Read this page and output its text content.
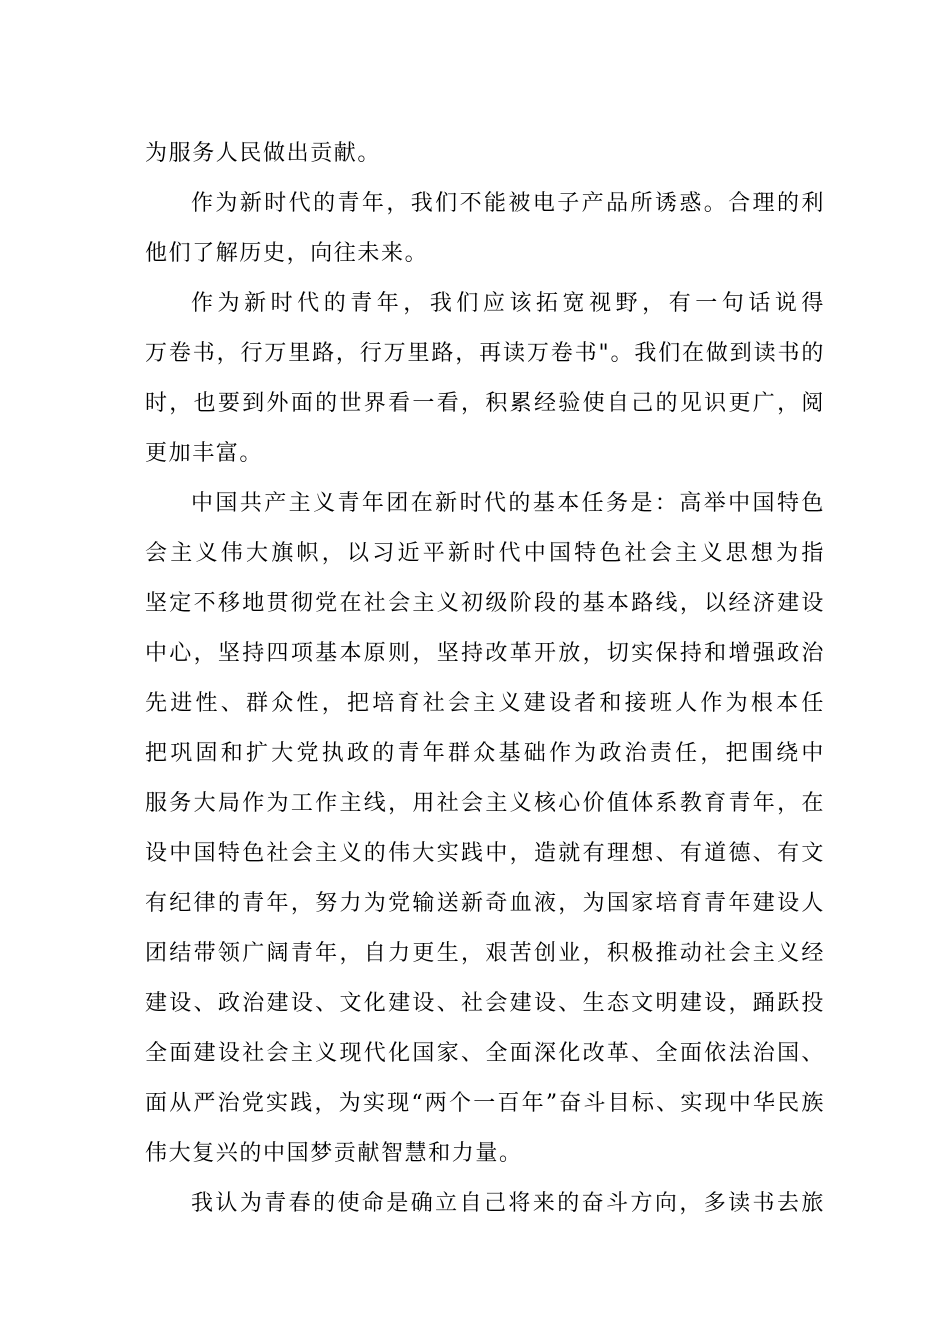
为服务人民做出贡献。
作为新时代的青年，我们不能被电子产品所诱惑。合理的利
他们了解历史，向往未来。
作为新时代的青年，我们应该拓宽视野，有一句话说得
万卷书，行万里路，行万里路，再读万卷书"。我们在做到读书的
时，也要到外面的世界看一看，积累经验使自己的见识更广，阅
更加丰富。
中国共产主义青年团在新时代的基本任务是：高举中国特色
会主义伟大旗帜，以习近平新时代中国特色社会主义思想为指
坚定不移地贯彻党在社会主义初级阶段的基本路线，以经济建设
中心，坚持四项基本原则，坚持改革开放，切实保持和增强政治
先进性、群众性，把培育社会主义建设者和接班人作为根本任
把巩固和扩大党执政的青年群众基础作为政治责任，把围绕中
服务大局作为工作主线，用社会主义核心价值体系教育青年，在
设中国特色社会主义的伟大实践中，造就有理想、有道德、有文
有纪律的青年，努力为党输送新奇血液，为国家培育青年建设人
团结带领广阔青年，自力更生，艰苦创业，积极推动社会主义经
建设、政治建设、文化建设、社会建设、生态文明建设，踊跃投
全面建设社会主义现代化国家、全面深化改革、全面依法治国、
面从严治党实践，为实现“两个一百年”奋斗目标、实现中华民族
伟大复兴的中国梦贡献智慧和力量。
我认为青春的使命是确立自己将来的奋斗方向，多读书去旅
